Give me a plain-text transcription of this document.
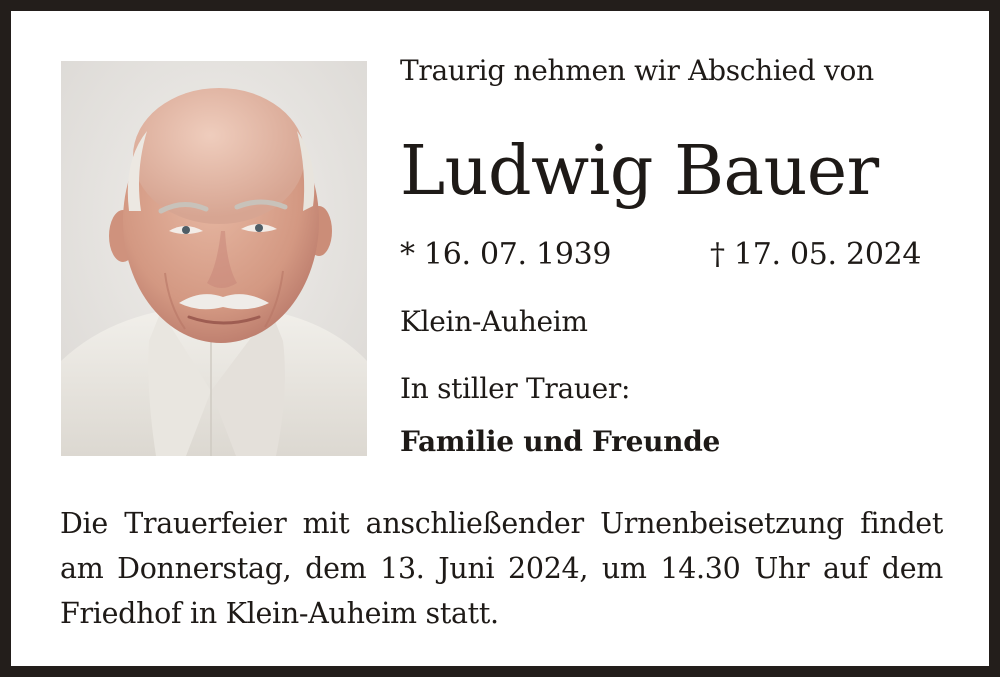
Traurig nehmen wir Abschied von
Ludwig Bauer
* 16. 07. 1939	† 17. 05. 2024
Klein-Auheim
In stiller Trauer:
Familie und Freunde
Die Trauerfeier mit anschließender Urnenbeisetzung findet am Donnerstag, dem 13. Juni 2024, um 14.30 Uhr auf dem Friedhof in Klein-Auheim statt.
